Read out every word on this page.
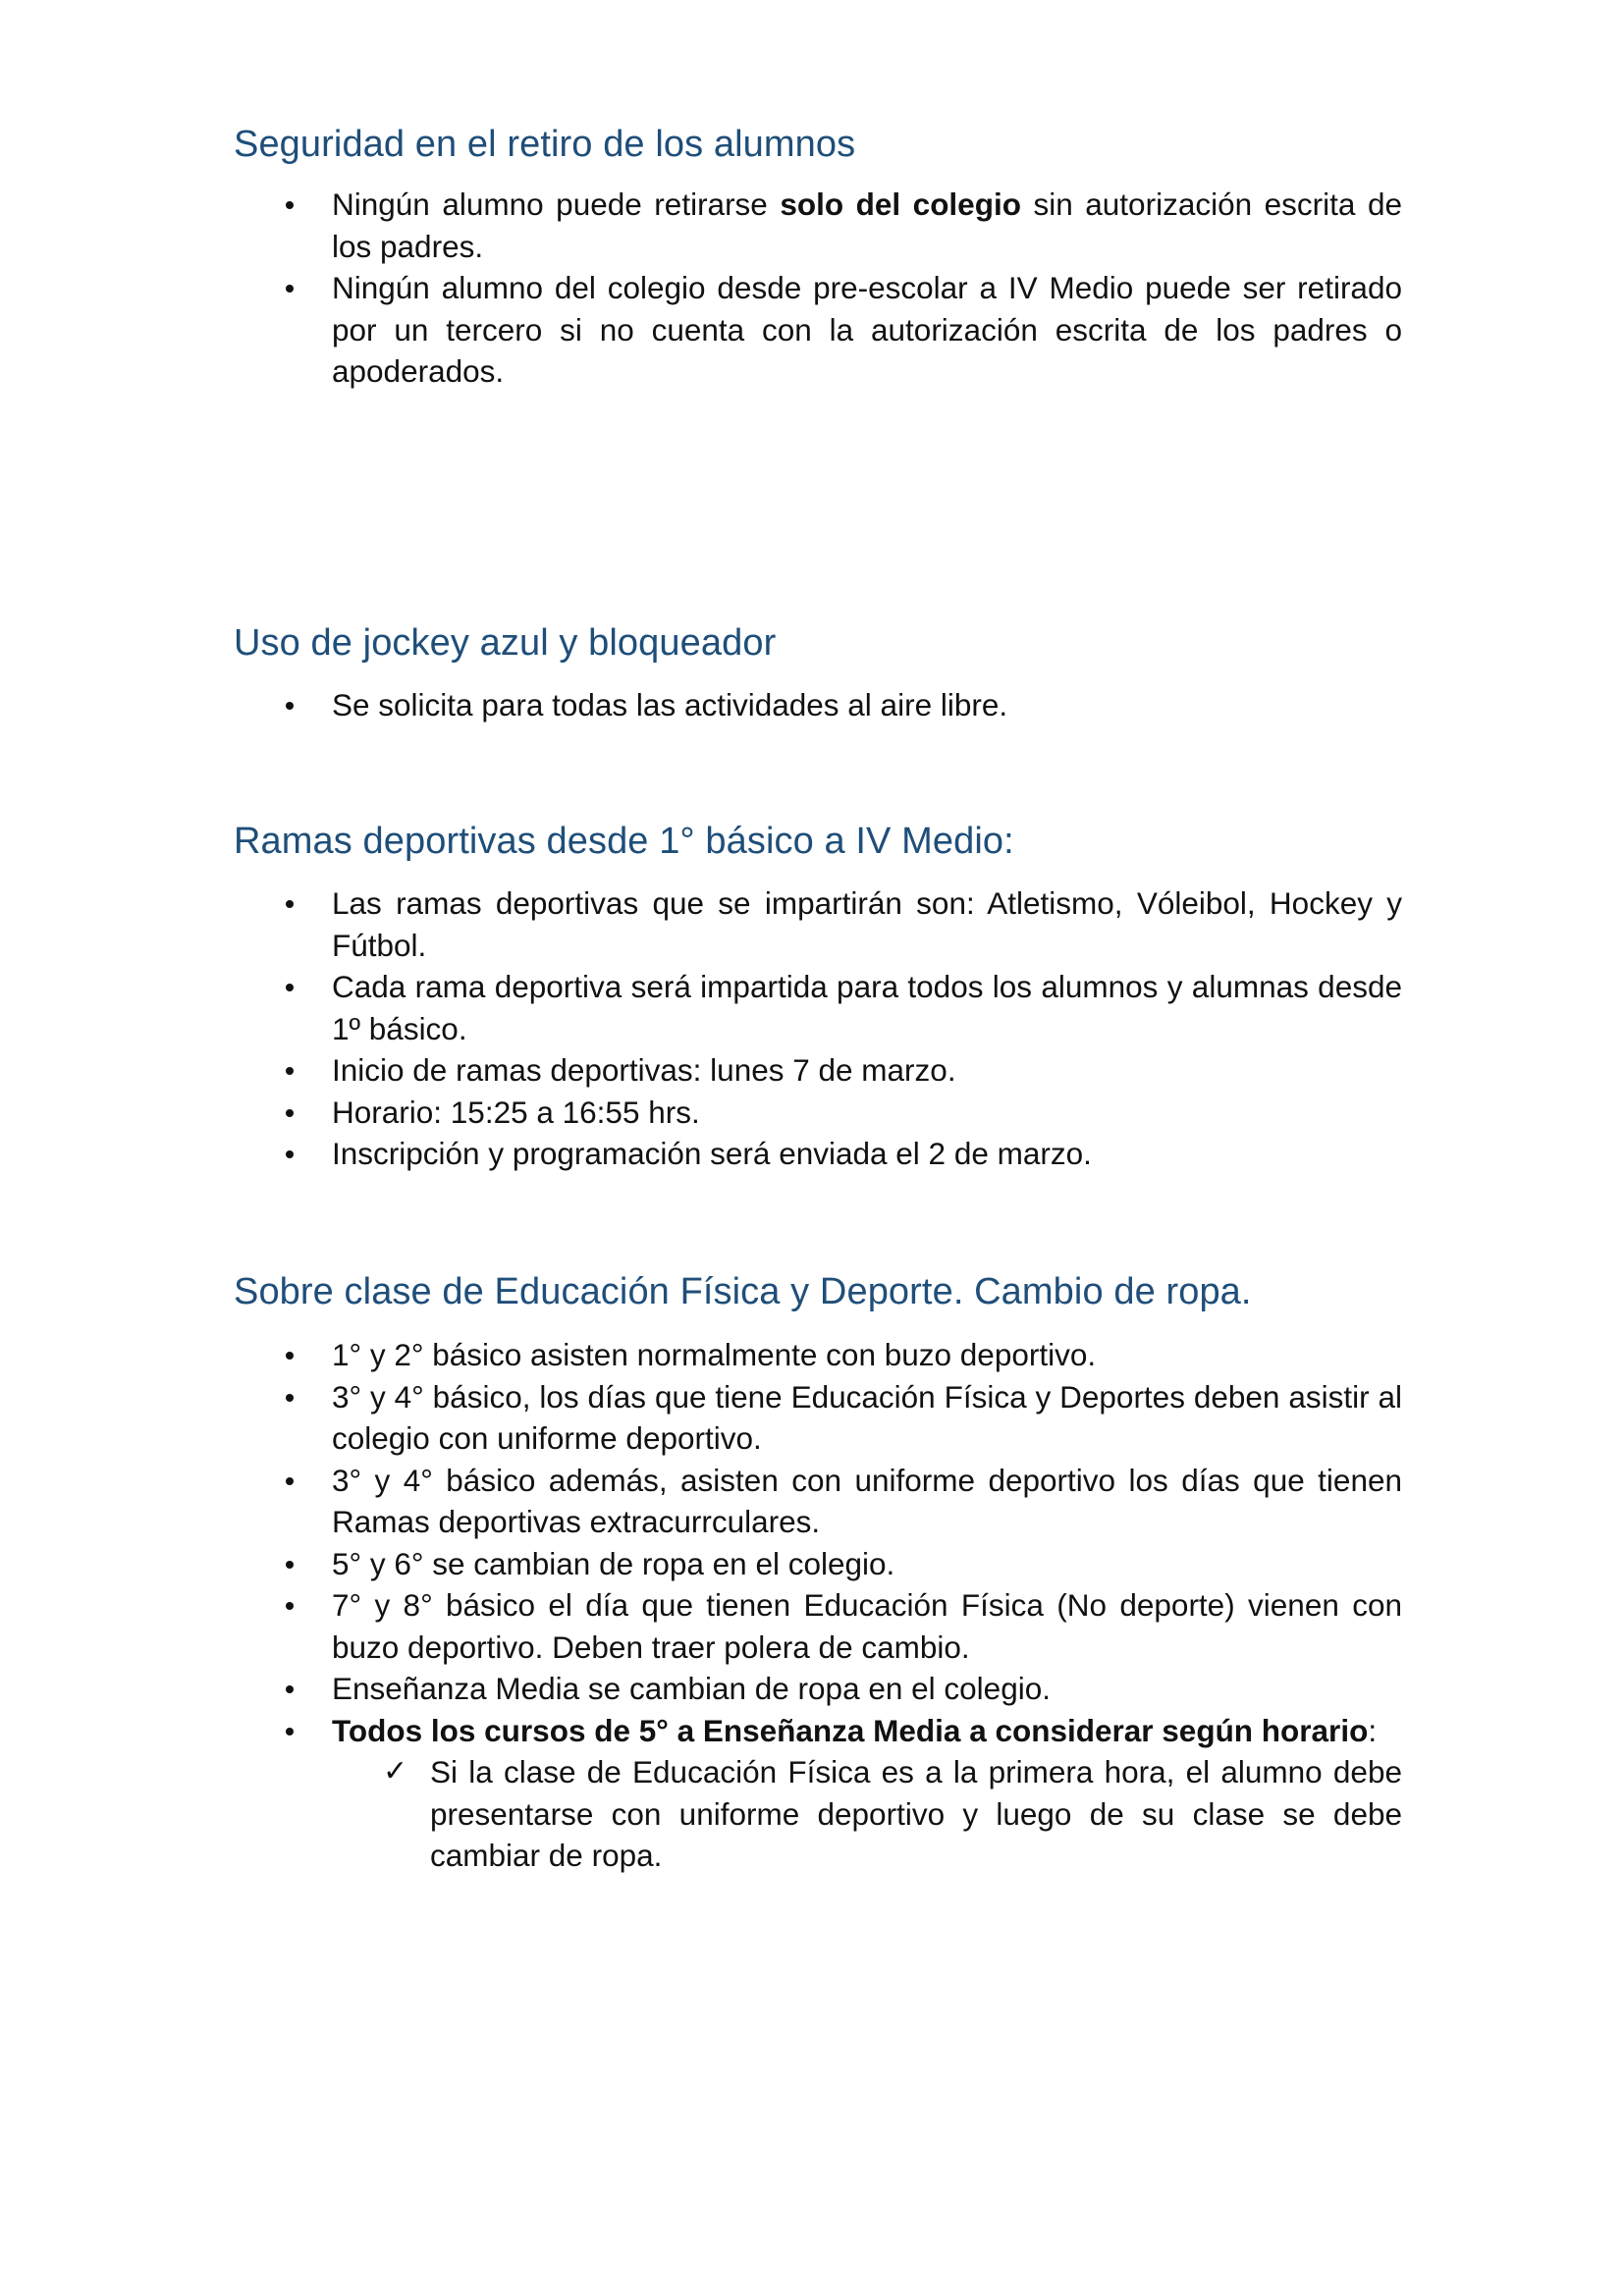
Seguridad en el retiro de los alumnos
Ningún alumno puede retirarse solo del colegio sin autorización escrita de los padres.
Ningún alumno del colegio desde pre-escolar a IV Medio puede ser retirado por un tercero si no cuenta con la autorización escrita de los padres o apoderados.
Uso de jockey azul y bloqueador
Se solicita para todas las actividades al aire libre.
Ramas deportivas desde 1° básico a IV Medio:
Las ramas deportivas que se impartirán son: Atletismo, Vóleibol, Hockey y Fútbol.
Cada rama deportiva será impartida para todos los alumnos y alumnas desde 1º básico.
Inicio de ramas deportivas: lunes 7 de marzo.
Horario: 15:25 a 16:55 hrs.
Inscripción y programación será enviada el 2 de marzo.
Sobre clase de Educación Física y Deporte. Cambio de ropa.
1° y 2° básico asisten normalmente con buzo deportivo.
3° y 4° básico, los días que tiene Educación Física y Deportes deben asistir al colegio con uniforme deportivo.
3° y 4° básico además, asisten con uniforme deportivo los días que tienen Ramas deportivas extracurrculares.
5° y 6° se cambian de ropa en el colegio.
7° y 8° básico el día que tienen Educación Física (No deporte) vienen con buzo deportivo. Deben traer polera de cambio.
Enseñanza Media se cambian de ropa en el colegio.
Todos los cursos de 5° a Enseñanza Media a considerar según horario:
✓ Si la clase de Educación Física es a la primera hora, el alumno debe presentarse con uniforme deportivo y luego de su clase se debe cambiar de ropa.
